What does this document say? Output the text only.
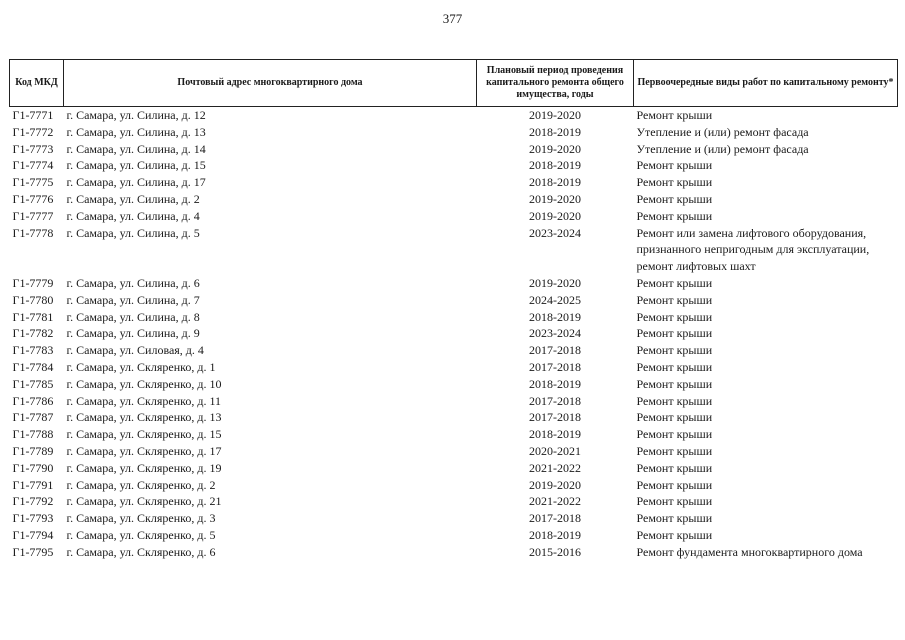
377
Код МКД	Почтовый адрес многоквартирного дома	Плановый период проведения капитального ремонта общего имущества, годы	Первоочередные виды работ по капитальному ремонту*
Г1-7771	г. Самара, ул. Силина, д. 12	2019-2020	Ремонт крыши
Г1-7772	г. Самара, ул. Силина, д. 13	2018-2019	Утепление и (или) ремонт фасада
Г1-7773	г. Самара, ул. Силина, д. 14	2019-2020	Утепление и (или) ремонт фасада
Г1-7774	г. Самара, ул. Силина, д. 15	2018-2019	Ремонт крыши
Г1-7775	г. Самара, ул. Силина, д. 17	2018-2019	Ремонт крыши
Г1-7776	г. Самара, ул. Силина, д. 2	2019-2020	Ремонт крыши
Г1-7777	г. Самара, ул. Силина, д. 4	2019-2020	Ремонт крыши
Г1-7778	г. Самара, ул. Силина, д. 5	2023-2024	Ремонт или замена лифтового оборудования, признанного непригодным для эксплуатации, ремонт лифтовых шахт
Г1-7779	г. Самара, ул. Силина, д. 6	2019-2020	Ремонт крыши
Г1-7780	г. Самара, ул. Силина, д. 7	2024-2025	Ремонт крыши
Г1-7781	г. Самара, ул. Силина, д. 8	2018-2019	Ремонт крыши
Г1-7782	г. Самара, ул. Силина, д. 9	2023-2024	Ремонт крыши
Г1-7783	г. Самара, ул. Силовая, д. 4	2017-2018	Ремонт крыши
Г1-7784	г. Самара, ул. Скляренко, д. 1	2017-2018	Ремонт крыши
Г1-7785	г. Самара, ул. Скляренко, д. 10	2018-2019	Ремонт крыши
Г1-7786	г. Самара, ул. Скляренко, д. 11	2017-2018	Ремонт крыши
Г1-7787	г. Самара, ул. Скляренко, д. 13	2017-2018	Ремонт крыши
Г1-7788	г. Самара, ул. Скляренко, д. 15	2018-2019	Ремонт крыши
Г1-7789	г. Самара, ул. Скляренко, д. 17	2020-2021	Ремонт крыши
Г1-7790	г. Самара, ул. Скляренко, д. 19	2021-2022	Ремонт крыши
Г1-7791	г. Самара, ул. Скляренко, д. 2	2019-2020	Ремонт крыши
Г1-7792	г. Самара, ул. Скляренко, д. 21	2021-2022	Ремонт крыши
Г1-7793	г. Самара, ул. Скляренко, д. 3	2017-2018	Ремонт крыши
Г1-7794	г. Самара, ул. Скляренко, д. 5	2018-2019	Ремонт крыши
Г1-7795	г. Самара, ул. Скляренко, д. 6	2015-2016	Ремонт фундамента многоквартирного дома
